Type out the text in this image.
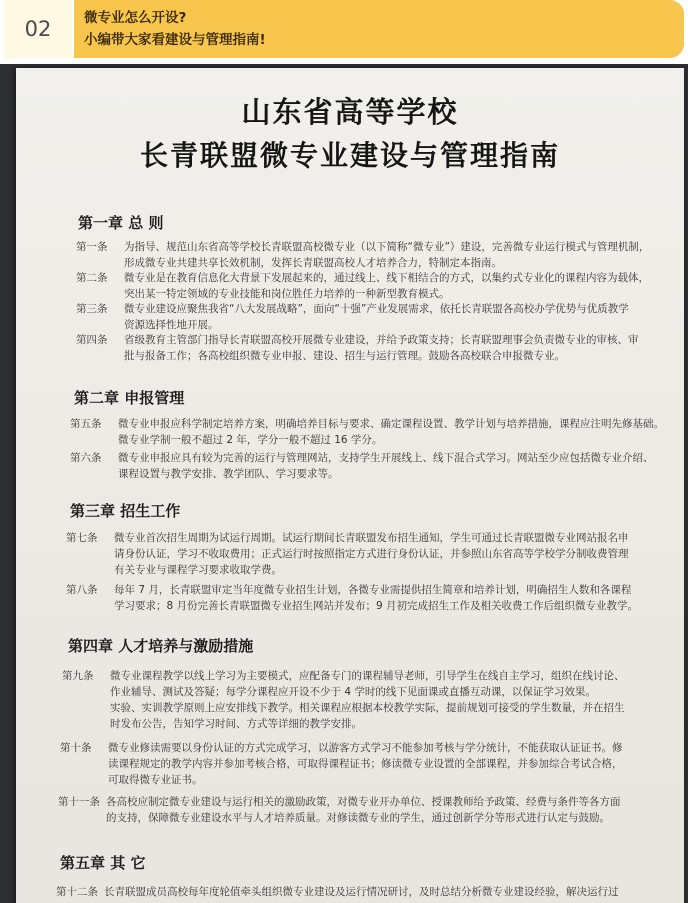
02	微专业怎么开设?
小编带大家看建设与管理指南!
山东省高等学校
长青联盟微专业建设与管理指南
第一章 总 则
第一条	为指导、规范山东省高等学校长青联盟高校微专业（以下简称“微专业”）建设，完善微专业运行模式与管理机制，
形成微专业共建共享长效机制，发挥长青联盟高校人才培养合力，特制定本指南。
第二条	微专业是在教育信息化大背景下发展起来的，通过线上、线下相结合的方式，以集约式专业化的课程内容为载体，
突出某一特定领域的专业技能和岗位胜任力培养的一种新型教育模式。
第三条	微专业建设应聚焦我省“八大发展战略”，面向“十强”产业发展需求，依托长青联盟各高校办学优势与优质教学
资源选择性地开展。
第四条	省级教育主管部门指导长青联盟高校开展微专业建设，并给予政策支持；长青联盟理事会负责微专业的审核、审
批与报备工作；各高校组织微专业申报、建设、招生与运行管理。鼓励各高校联合申报微专业。
第二章 申报管理
第五条	微专业申报应科学制定培养方案，明确培养目标与要求、确定课程设置、教学计划与培养措施，课程应注明先修基础。
微专业学制一般不超过 2 年，学分一般不超过 16 学分。
第六条	微专业申报应具有较为完善的运行与管理网站，支持学生开展线上、线下混合式学习。网站至少应包括微专业介绍、
课程设置与教学安排、教学团队、学习要求等。
第三章 招生工作
第七条	微专业首次招生周期为试运行周期。试运行期间长青联盟发布招生通知，学生可通过长青联盟微专业网站报名申
请身份认证，学习不收取费用；正式运行时按照指定方式进行身份认证，并参照山东省高等学校学分制收费管理
有关专业与课程学习要求收取学费。
第八条	每年 7 月，长青联盟审定当年度微专业招生计划，各微专业需提供招生简章和培养计划，明确招生人数和各课程
学习要求；8 月份完善长青联盟微专业招生网站并发布；9 月初完成招生工作及相关收费工作后组织微专业教学。
第四章 人才培养与激励措施
第九条	微专业课程教学以线上学习为主要模式，应配备专门的课程辅导老师，引导学生在线自主学习，组织在线讨论、
作业辅导、测试及答疑；每学分课程应开设不少于 4 学时的线下见面课或直播互动课，以保证学习效果。
实验、实训教学原则上应安排线下教学。相关课程应根据本校教学实际，提前规划可接受的学生数量，并在招生
时发布公告，告知学习时间、方式等详细的教学安排。
第十条	微专业修读需要以身份认证的方式完成学习，以游客方式学习不能参加考核与学分统计，不能获取认证证书。修
读课程规定的教学内容并参加考核合格，可取得课程证书；修读微专业设置的全部课程，并参加综合考试合格，
可取得微专业证书。
第十一条 各高校应制定微专业建设与运行相关的激励政策，对微专业开办单位、授课教师给予政策、经费与条件等各方面
的支持，保障微专业建设水平与人才培养质量。对修读微专业的学生，通过创新学分等形式进行认定与鼓励。
第五章 其 它
第十二条 长青联盟成员高校每年度轮值牵头组织微专业建设及运行情况研讨，及时总结分析微专业建设经验，解决运行过
